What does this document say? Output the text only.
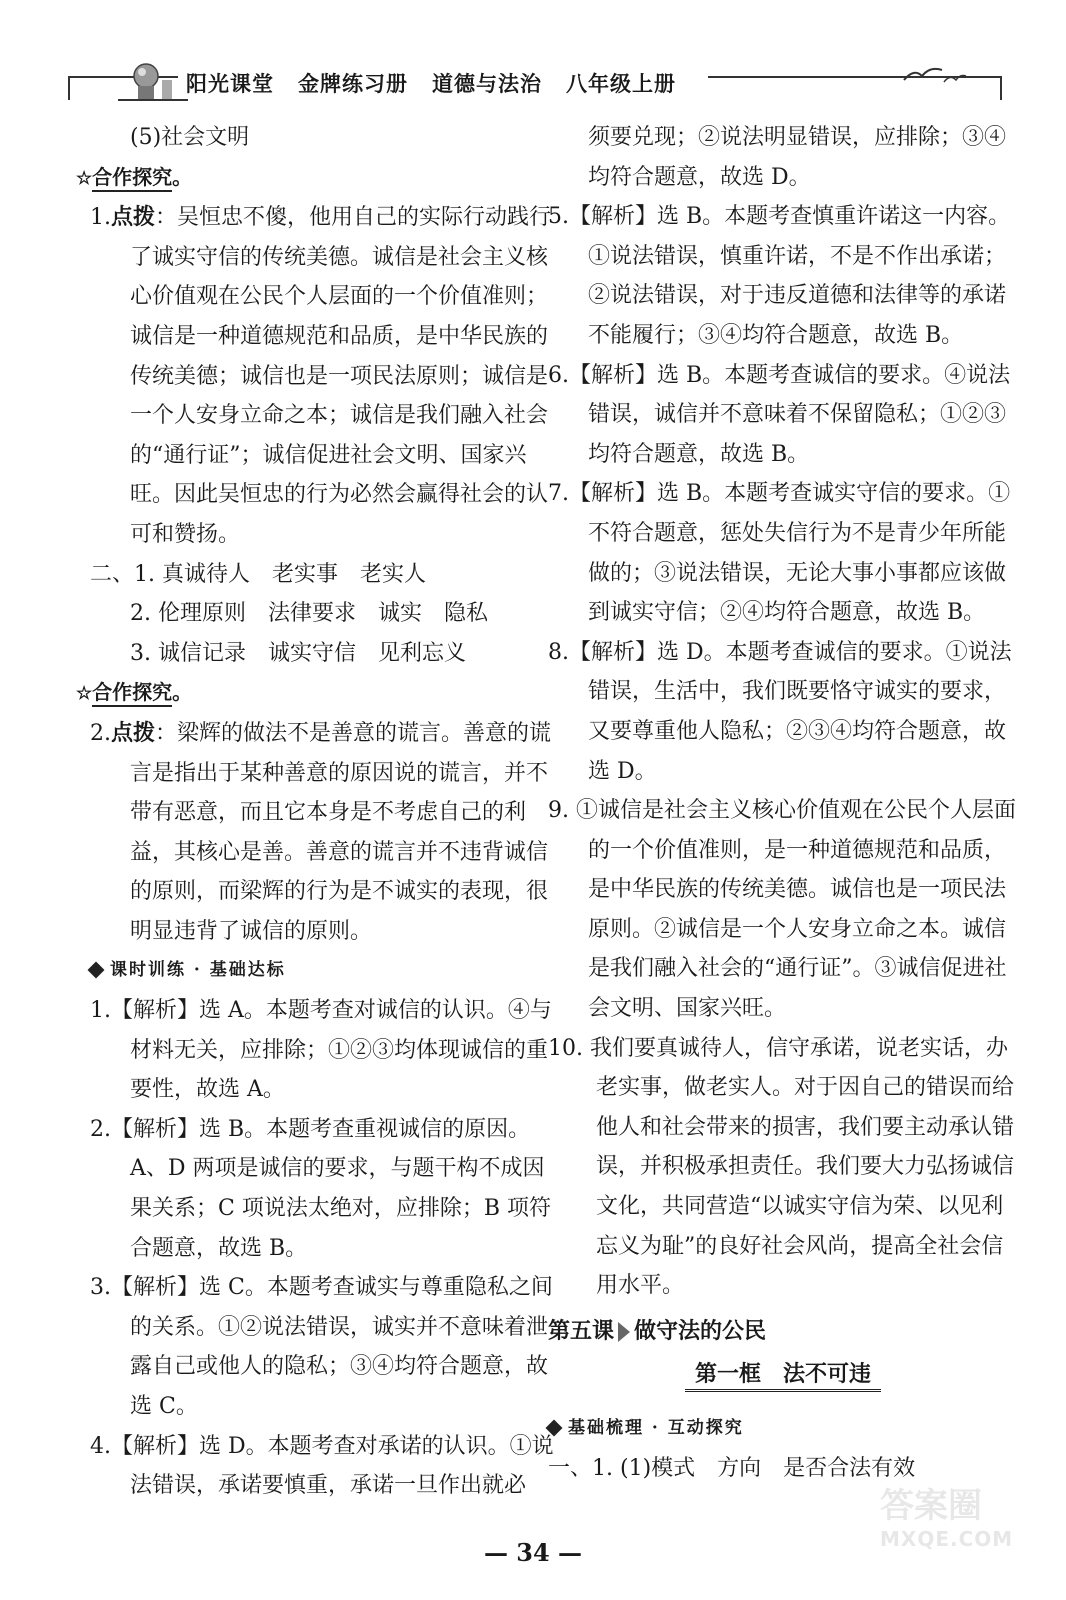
阳光课堂 金牌练习册 道德与法治 八年级上册

(5)社会文明

☆合作探究。

1.点拨：吴恒忠不傻，他用自己的实际行动践行了诚实守信的传统美德。诚信是社会主义核心价值观在公民个人层面的一个价值准则；诚信是一种道德规范和品质，是中华民族的传统美德；诚信也是一项民法原则；诚信是一个人安身立命之本；诚信是我们融入社会的“通行证”；诚信促进社会文明、国家兴旺。因此吴恒忠的行为必然会赢得社会的认可和赞扬。

二、1. 真诚待人　老实事　老实人

2. 伦理原则　法律要求　诚实　隐私

3. 诚信记录　诚实守信　见利忘义

☆合作探究。

2.点拨：梁辉的做法不是善意的谎言。善意的谎言是指出于某种善意的原因说的谎言，并不带有恶意，而且它本身是不考虑自己的利益，其核心是善。善意的谎言并不违背诚信的原则，而梁辉的行为是不诚实的表现，很明显违背了诚信的原则。

课时训练 · 基础达标

1.【解析】选 A。本题考查对诚信的认识。④与材料无关，应排除；①②③均体现诚信的重要性，故选 A。

2.【解析】选 B。本题考查重视诚信的原因。A、D 两项是诚信的要求，与题干构不成因果关系；C 项说法太绝对，应排除；B 项符合题意，故选 B。

3.【解析】选 C。本题考查诚实与尊重隐私之间的关系。①②说法错误，诚实并不意味着泄露自己或他人的隐私；③④均符合题意，故选 C。

4.【解析】选 D。本题考查对承诺的认识。①说法错误，承诺要慎重，承诺一旦作出就必

须要兑现；②说法明显错误，应排除；③④均符合题意，故选 D。

5.【解析】选 B。本题考查慎重许诺这一内容。①说法错误，慎重许诺，不是不作出承诺；②说法错误，对于违反道德和法律等的承诺不能履行；③④均符合题意，故选 B。

6.【解析】选 B。本题考查诚信的要求。④说法错误，诚信并不意味着不保留隐私；①②③均符合题意，故选 B。

7.【解析】选 B。本题考查诚实守信的要求。①不符合题意，惩处失信行为不是青少年所能做的；③说法错误，无论大事小事都应该做到诚实守信；②④均符合题意，故选 B。

8.【解析】选 D。本题考查诚信的要求。①说法错误，生活中，我们既要恪守诚实的要求，又要尊重他人隐私；②③④均符合题意，故选 D。

9. ①诚信是社会主义核心价值观在公民个人层面的一个价值准则，是一种道德规范和品质，是中华民族的传统美德。诚信也是一项民法原则。②诚信是一个人安身立命之本。诚信是我们融入社会的“通行证”。③诚信促进社会文明、国家兴旺。

10. 我们要真诚待人，信守承诺，说老实话，办老实事，做老实人。对于因自己的错误而给他人和社会带来的损害，我们要主动承认错误，并积极承担责任。我们要大力弘扬诚信文化，共同营造“以诚实守信为荣、以见利忘义为耻”的良好社会风尚，提高全社会信用水平。

第五课 做守法的公民

第一框　法不可违

基础梳理 · 互动探究

一、1. (1)模式　方向　是否合法有效

— 34 —
答案圈
MXQE.COM
